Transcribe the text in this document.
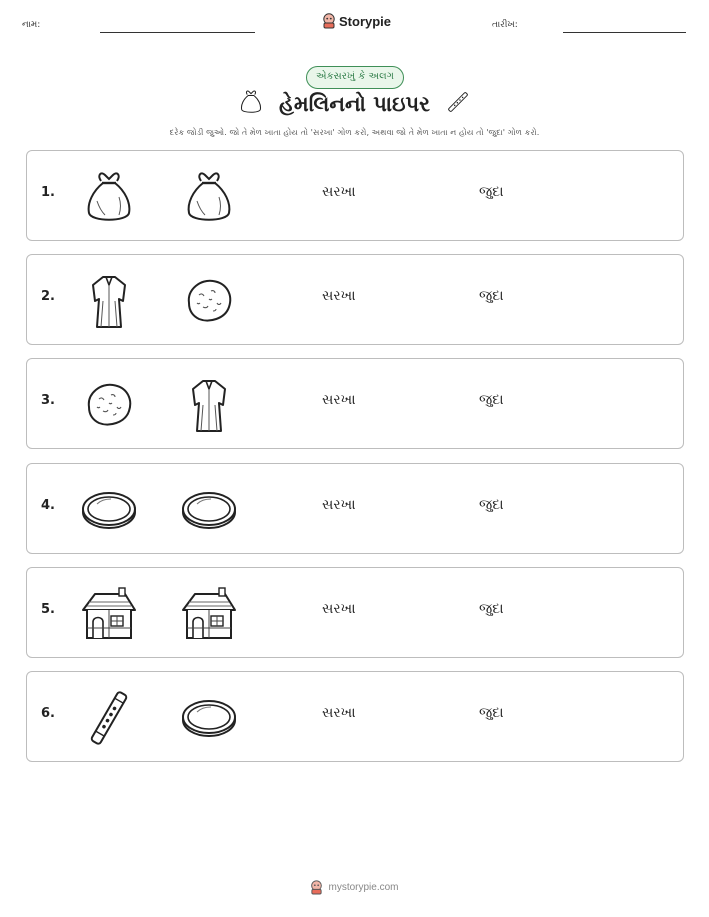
નામ:	Storypie	તારીખ:
એકસરખું કે અલગ
હેમલિનનો પાઇપર
દરેક જોડી જુઓ. જો તે મેળ ખાતા હોય તો 'સરખા' ગોળ કરો, અથવા જો તે મેળ ખાતા ન હોય તો 'જુદા' ગોળ કરો.
1.	સરખા	જુદા
2.	સરખા	જુદા
3.	સરખા	જુદા
4.	સરખા	જુદા
5.	સરખા	જુદા
6.	સરખા	જુદા
mystorypie.com
